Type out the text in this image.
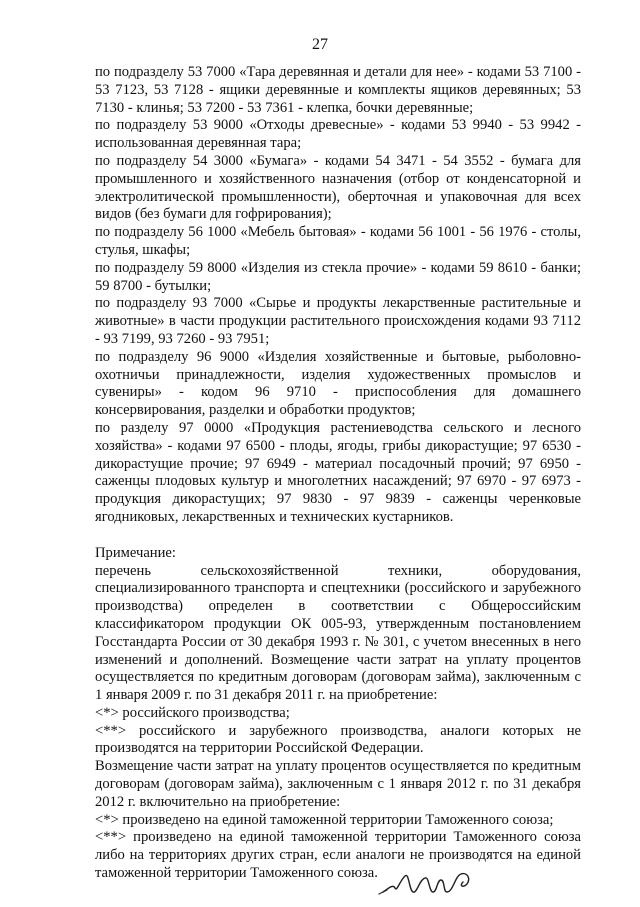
27

по подразделу 53 7000 «Тара деревянная и детали для нее» - кодами 53 7100 - 53 7123, 53 7128 - ящики деревянные и комплекты ящиков деревянных; 53 7130 - клинья; 53 7200 - 53 7361 - клепка, бочки деревянные;

по подразделу 53 9000 «Отходы древесные» - кодами 53 9940 - 53 9942 - использованная деревянная тара;

по подразделу 54 3000 «Бумага» - кодами 54 3471 - 54 3552 - бумага для промышленного и хозяйственного назначения (отбор от конденсаторной и электролитической промышленности), оберточная и упаковочная для всех видов (без бумаги для гофрирования);

по подразделу 56 1000 «Мебель бытовая» - кодами 56 1001 - 56 1976 - столы, стулья, шкафы;

по подразделу 59 8000 «Изделия из стекла прочие» - кодами 59 8610 - банки; 59 8700 - бутылки;

по подразделу 93 7000 «Сырье и продукты лекарственные растительные и животные» в части продукции растительного происхождения кодами 93 7112 - 93 7199, 93 7260 - 93 7951;

по подразделу 96 9000 «Изделия хозяйственные и бытовые, рыболовно-охотничьи принадлежности, изделия художественных промыслов и сувениры» - кодом 96 9710 - приспособления для домашнего консервирования, разделки и обработки продуктов;

по разделу 97 0000 «Продукция растениеводства сельского и лесного хозяйства» - кодами 97 6500 - плоды, ягоды, грибы дикорастущие; 97 6530 - дикорастущие прочие; 97 6949 - материал посадочный прочий; 97 6950 - саженцы плодовых культур и многолетних насаждений; 97 6970 - 97 6973 - продукция дикорастущих; 97 9830 - 97 9839 - саженцы черенковые ягодниковых, лекарственных и технических кустарников.

Примечание:

перечень сельскохозяйственной техники, оборудования, специализированного транспорта и спецтехники (российского и зарубежного производства) определен в соответствии с Общероссийским классификатором продукции ОК 005-93, утвержденным постановлением Госстандарта России от 30 декабря 1993 г. № 301, с учетом внесенных в него изменений и дополнений. Возмещение части затрат на уплату процентов осуществляется по кредитным договорам (договорам займа), заключенным с 1 января 2009 г. по 31 декабря 2011 г. на приобретение:

<*> российского производства;

<**> российского и зарубежного производства, аналоги которых не производятся на территории Российской Федерации.

Возмещение части затрат на уплату процентов осуществляется по кредитным договорам (договорам займа), заключенным с 1 января 2012 г. по 31 декабря 2012 г. включительно на приобретение:

<*> произведено на единой таможенной территории Таможенного союза;

<**> произведено на единой таможенной территории Таможенного союза либо на территориях других стран, если аналоги не производятся на единой таможенной территории Таможенного союза.
